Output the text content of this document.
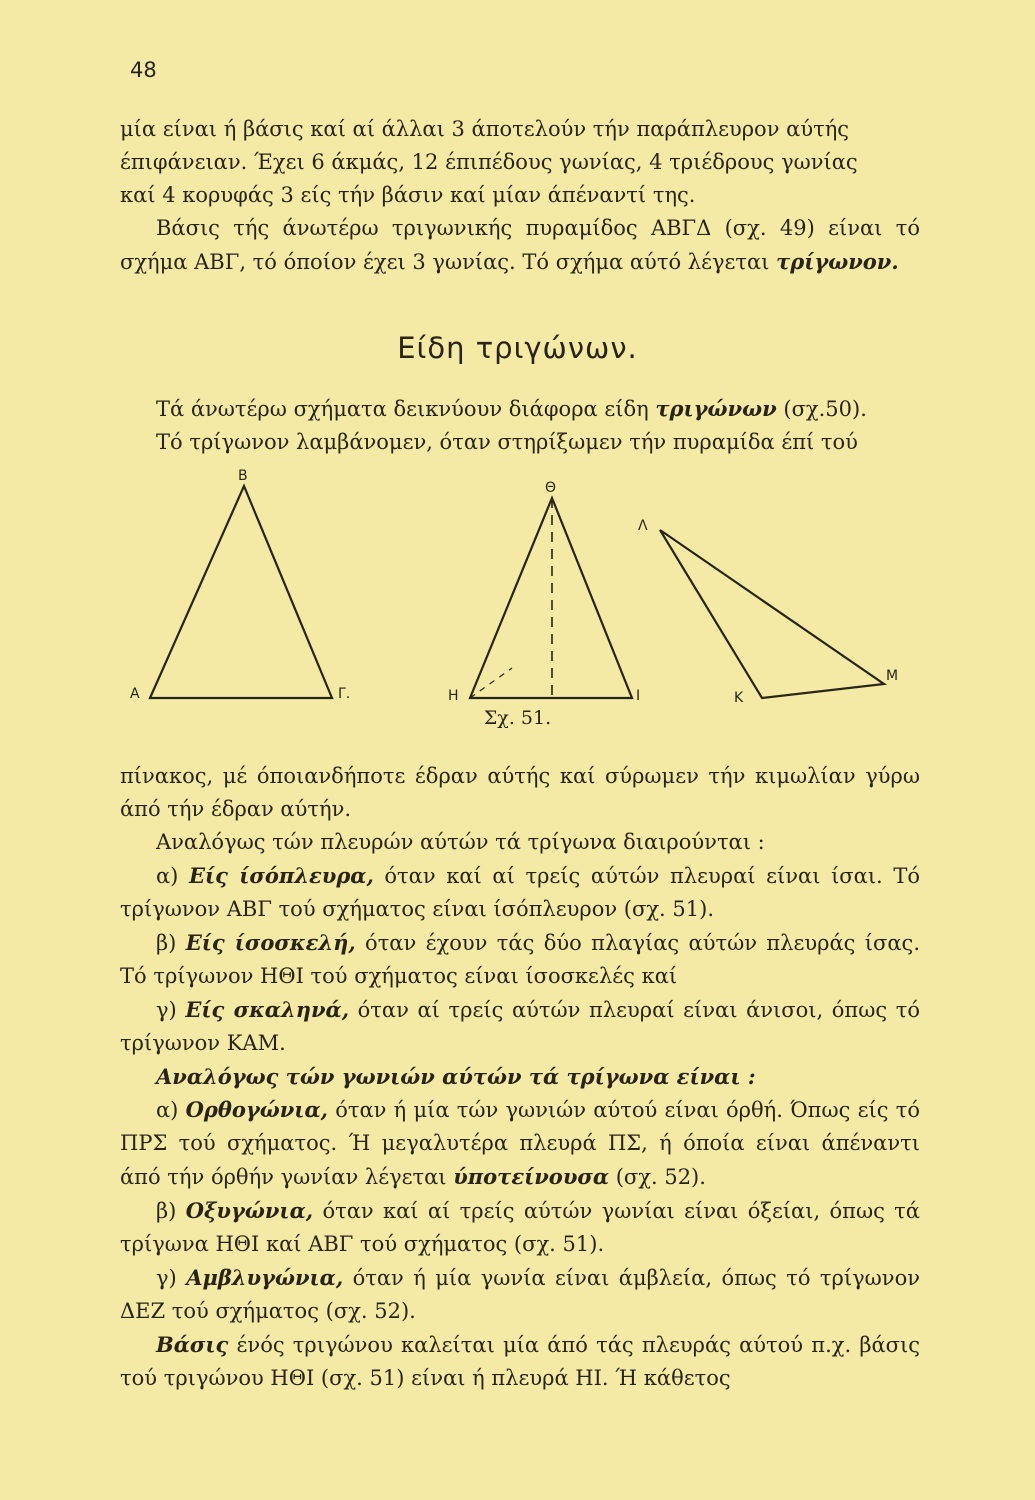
48

μία είναι ή βάσις καί αί άλλαι 3 άποτελούν τήν παράπλευρον αύτής

έπιφάνειαν. Έχει 6 άκμάς, 12 έπιπέδους γωνίας, 4 τριέδρους γωνίας

καί 4 κορυφάς 3 είς τήν βάσιν καί μίαν άπέναντί της.

Βάσις τής άνωτέρω τριγωνικής πυραμίδος ΑΒΓΔ (σχ. 49) είναι τό σχήμα ΑΒΓ, τό όποίον έχει 3 γωνίας. Τό σχήμα αύτό λέγεται τρίγωνον.

Είδη τριγώνων.

Τά άνωτέρω σχήματα δεικνύουν διάφορα είδη τριγώνων (σχ.50).

Τό τρίγωνον λαμβάνομεν, όταν στηρίξωμεν τήν πυραμίδα έπί τού

Α
Β
Γ.	Η
Θ
Ι
Λ
Κ
Μ
Σχ. 51.

πίνακος, μέ όποιανδήποτε έδραν αύτής καί σύρωμεν τήν κιμωλίαν γύρω άπό τήν έδραν αύτήν.

Αναλόγως τών πλευρών αύτών τά τρίγωνα διαιρούνται :

α) Είς ίσόπλευρα, όταν καί αί τρείς αύτών πλευραί είναι ίσαι. Τό τρίγωνον ΑΒΓ τού σχήματος είναι ίσόπλευρον (σχ. 51).

β) Είς ίσοσκελή, όταν έχουν τάς δύο πλαγίας αύτών πλευράς ίσας. Τό τρίγωνον ΗΘΙ τού σχήματος είναι ίσοσκελές καί

γ) Είς σκαληνά, όταν αί τρείς αύτών πλευραί είναι άνισοι, όπως τό τρίγωνον ΚΑΜ.

Αναλόγως τών γωνιών αύτών τά τρίγωνα είναι :

α) Ορθογώνια, όταν ή μία τών γωνιών αύτού είναι όρθή. Όπως είς τό ΠΡΣ τού σχήματος. Ή μεγαλυτέρα πλευρά ΠΣ, ή όποία είναι άπέναντι άπό τήν όρθήν γωνίαν λέγεται ύποτείνουσα (σχ. 52).

β) Οξυγώνια, όταν καί αί τρείς αύτών γωνίαι είναι όξείαι, όπως τά τρίγωνα ΗΘΙ καί ΑΒΓ τού σχήματος (σχ. 51).

γ) Αμβλυγώνια, όταν ή μία γωνία είναι άμβλεία, όπως τό τρίγωνον ΔΕΖ τού σχήματος (σχ. 52).

Βάσις ένός τριγώνου καλείται μία άπό τάς πλευράς αύτού π.χ. βάσις τού τριγώνου ΗΘΙ (σχ. 51) είναι ή πλευρά ΗΙ. Ή κάθετος
